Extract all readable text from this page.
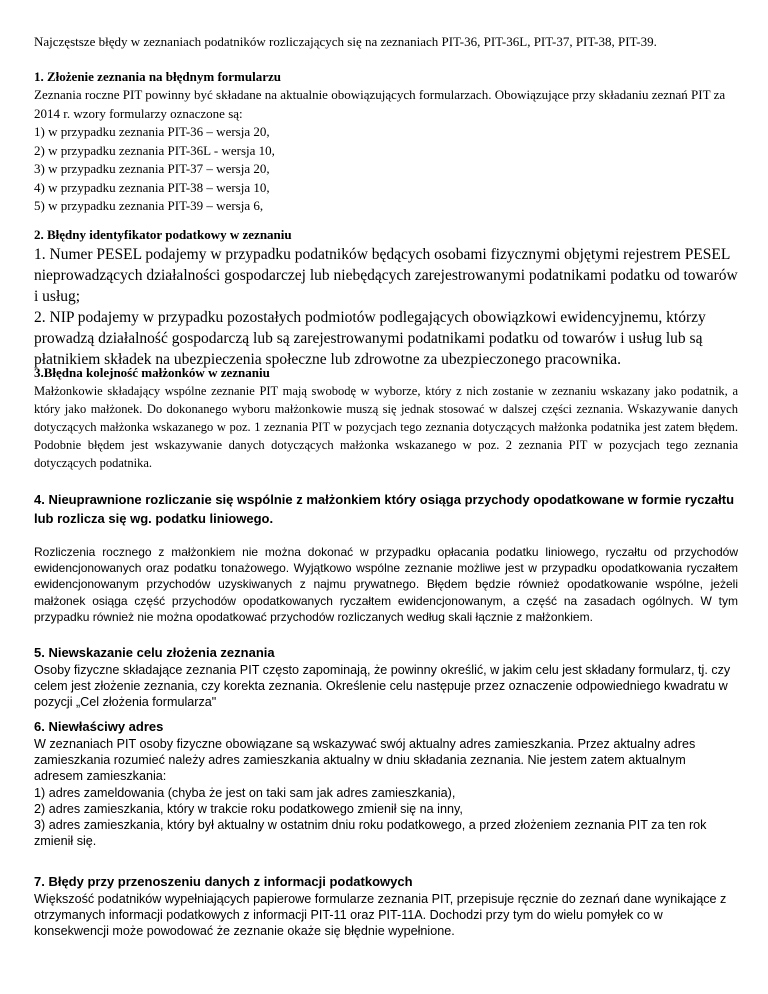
Najczęstsze błędy w zeznaniach podatników rozliczających się na zeznaniach PIT-36, PIT-36L, PIT-37, PIT-38, PIT-39.
1. Złożenie zeznania na błędnym formularzu
Zeznania roczne PIT powinny być składane na aktualnie obowiązujących formularzach. Obowiązujące przy składaniu zeznań PIT za 2014 r. wzory formularzy oznaczone są:
1) w przypadku zeznania PIT-36 – wersja 20,
2) w przypadku zeznania PIT-36L - wersja 10,
3) w przypadku zeznania PIT-37 – wersja 20,
4) w przypadku zeznania PIT-38 – wersja 10,
5) w przypadku zeznania PIT-39 – wersja 6,
2. Błędny identyfikator podatkowy w zeznaniu
1. Numer PESEL podajemy w przypadku podatników będących osobami fizycznymi objętymi rejestrem PESEL nieprowadzących działalności gospodarczej lub niebędących zarejestrowanymi podatnikami podatku od towarów i usług;
2. NIP podajemy w przypadku pozostałych podmiotów podlegających obowiązkowi ewidencyjnemu, którzy prowadzą działalność gospodarczą lub są zarejestrowanymi podatnikami podatku od towarów i usług lub są płatnikiem składek na ubezpieczenia społeczne lub zdrowotne za ubezpieczonego pracownika.
3.Błędna kolejność małżonków w zeznaniu
Małżonkowie składający wspólne zeznanie PIT mają swobodę w wyborze, który z nich zostanie w zeznaniu wskazany jako podatnik, a który jako małżonek. Do dokonanego wyboru małżonkowie muszą się jednak stosować w dalszej części zeznania. Wskazywanie danych dotyczących małżonka wskazanego w poz. 1 zeznania PIT w pozycjach tego zeznania dotyczących małżonka podatnika jest zatem błędem. Podobnie błędem jest wskazywanie danych dotyczących małżonka wskazanego w poz. 2 zeznania PIT w pozycjach tego zeznania dotyczących podatnika.
4. Nieuprawnione rozliczanie się wspólnie z małżonkiem który osiąga przychody opodatkowane w formie ryczałtu lub rozlicza się wg. podatku liniowego.
Rozliczenia rocznego z małżonkiem nie można dokonać w przypadku opłacania podatku liniowego, ryczałtu od przychodów ewidencjonowanych oraz podatku tonażowego. Wyjątkowo wspólne zeznanie możliwe jest w przypadku opodatkowania ryczałtem ewidencjonowanym przychodów uzyskiwanych z najmu prywatnego. Błędem będzie również opodatkowanie wspólne, jeżeli małżonek osiąga część przychodów opodatkowanych ryczałtem ewidencjonowanym, a część na zasadach ogólnych. W tym przypadku również nie można opodatkować przychodów rozliczanych według skali łącznie z małżonkiem.
5. Niewskazanie celu złożenia zeznania
Osoby fizyczne składające zeznania PIT często zapominają, że powinny określić, w jakim celu jest składany formularz, tj. czy celem jest złożenie zeznania, czy korekta zeznania. Określenie celu następuje przez oznaczenie odpowiedniego kwadratu w pozycji „Cel złożenia formularza"
6. Niewłaściwy adres
W zeznaniach PIT osoby fizyczne obowiązane są wskazywać swój aktualny adres zamieszkania. Przez aktualny adres zamieszkania rozumieć należy adres zamieszkania aktualny w dniu składania zeznania. Nie jestem zatem aktualnym adresem zamieszkania:
1) adres zameldowania (chyba że jest on taki sam jak adres zamieszkania),
2) adres zamieszkania, który w trakcie roku podatkowego zmienił się na inny,
3) adres zamieszkania, który był aktualny w ostatnim dniu roku podatkowego, a przed złożeniem zeznania PIT za ten rok zmienił się.
7. Błędy przy przenoszeniu danych z informacji podatkowych
Większość podatników wypełniających papierowe formularze zeznania PIT, przepisuje ręcznie do zeznań dane wynikające z otrzymanych informacji podatkowych z informacji PIT-11 oraz PIT-11A. Dochodzi przy tym do wielu pomyłek co w konsekwencji może powodować że zeznanie okaże się błędnie wypełnione.
